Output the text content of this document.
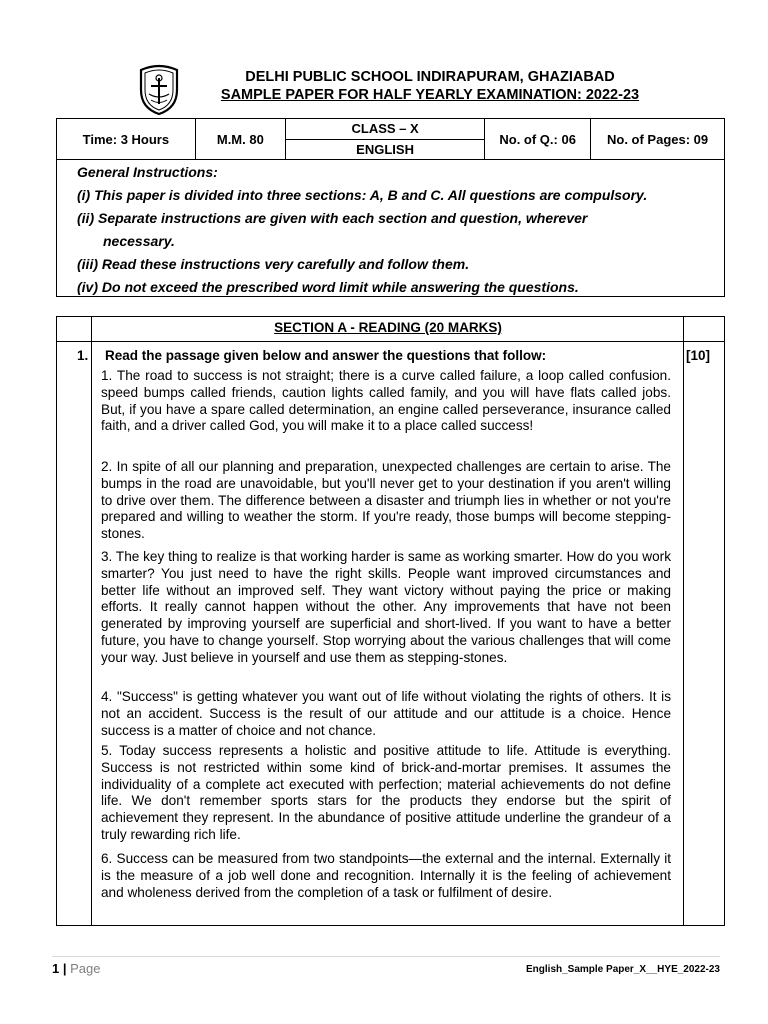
DELHI PUBLIC SCHOOL INDIRAPURAM, GHAZIABAD
SAMPLE PAPER FOR HALF YEARLY EXAMINATION: 2022-23
Time: 3 Hours	M.M. 80	CLASS – X	No. of Q.: 06	No. of Pages: 09
ENGLISH
General Instructions:
(i) This paper is divided into three sections: A, B and C. All questions are compulsory.
(ii) Separate instructions are given with each section and question, wherever
necessary.
(iii) Read these instructions very carefully and follow them.
(iv) Do not exceed the prescribed word limit while answering the questions.
SECTION A - READING (20 MARKS)
1. Read the passage given below and answer the questions that follow:	[10]
1. The road to success is not straight; there is a curve called failure, a loop called confusion. speed bumps called friends, caution lights called family, and you will have flats called jobs. But, if you have a spare called determination, an engine called perseverance, insurance called faith, and a driver called God, you will make it to a place called success!
2. In spite of all our planning and preparation, unexpected challenges are certain to arise. The bumps in the road are unavoidable, but you'll never get to your destination if you aren't willing to drive over them. The difference between a disaster and triumph lies in whether or not you're prepared and willing to weather the storm. If you're ready, those bumps will become stepping-stones.
3. The key thing to realize is that working harder is same as working smarter. How do you work smarter? You just need to have the right skills. People want improved circumstances and better life without an improved self. They want victory without paying the price or making efforts. It really cannot happen without the other. Any improvements that have not been generated by improving yourself are superficial and short-lived. If you want to have a better future, you have to change yourself. Stop worrying about the various challenges that will come your way. Just believe in yourself and use them as stepping-stones.
4. "Success" is getting whatever you want out of life without violating the rights of others. It is not an accident. Success is the result of our attitude and our attitude is a choice. Hence success is a matter of choice and not chance.
5. Today success represents a holistic and positive attitude to life. Attitude is everything. Success is not restricted within some kind of brick-and-mortar premises. It assumes the individuality of a complete act executed with perfection; material achievements do not define life. We don't remember sports stars for the products they endorse but the spirit of achievement they represent. In the abundance of positive attitude underline the grandeur of a truly rewarding rich life.
6. Success can be measured from two standpoints—the external and the internal. Externally it is the measure of a job well done and recognition. Internally it is the feeling of achievement and wholeness derived from the completion of a task or fulfilment of desire.
1 | Page	English_Sample Paper_X__HYE_2022-23
